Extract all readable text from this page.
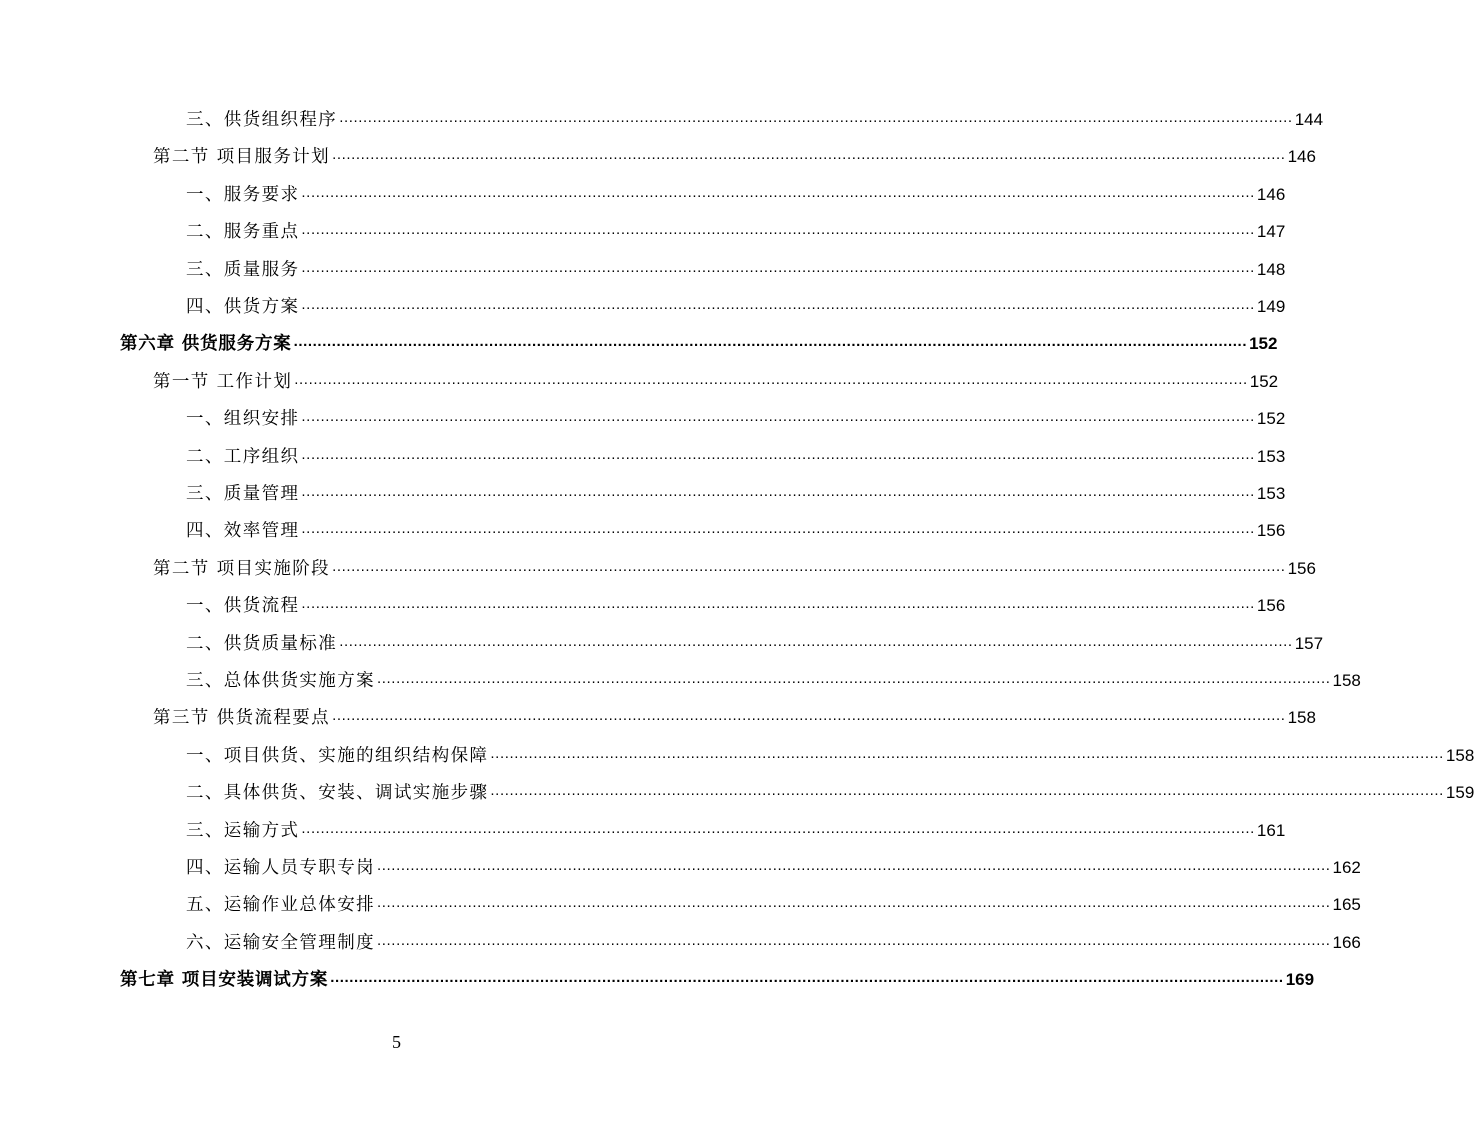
三、供货组织程序 ........................................................................................................................................................................................................ 144
第二节 项目服务计划 ........................................................................................................................................................................................................ 146
一、服务要求 ........................................................................................................................................................................................................ 146
二、服务重点 ........................................................................................................................................................................................................ 147
三、质量服务 ........................................................................................................................................................................................................ 148
四、供货方案 ........................................................................................................................................................................................................ 149
第六章 供货服务方案 ........................................................................................................................................................................................................ 152
第一节 工作计划 ........................................................................................................................................................................................................ 152
一、组织安排 ........................................................................................................................................................................................................ 152
二、工序组织 ........................................................................................................................................................................................................ 153
三、质量管理 ........................................................................................................................................................................................................ 153
四、效率管理 ........................................................................................................................................................................................................ 156
第二节 项目实施阶段 ........................................................................................................................................................................................................ 156
一、供货流程 ........................................................................................................................................................................................................ 156
二、供货质量标准 ........................................................................................................................................................................................................ 157
三、总体供货实施方案 ........................................................................................................................................................................................................ 158
第三节 供货流程要点 ........................................................................................................................................................................................................ 158
一、项目供货、实施的组织结构保障 ........................................................................................................................................................................................................ 158
二、具体供货、安装、调试实施步骤 ........................................................................................................................................................................................................ 159
三、运输方式 ........................................................................................................................................................................................................ 161
四、运输人员专职专岗 ........................................................................................................................................................................................................ 162
五、运输作业总体安排 ........................................................................................................................................................................................................ 165
六、运输安全管理制度 ........................................................................................................................................................................................................ 166
第七章 项目安装调试方案 ........................................................................................................................................................................................................ 169
5
